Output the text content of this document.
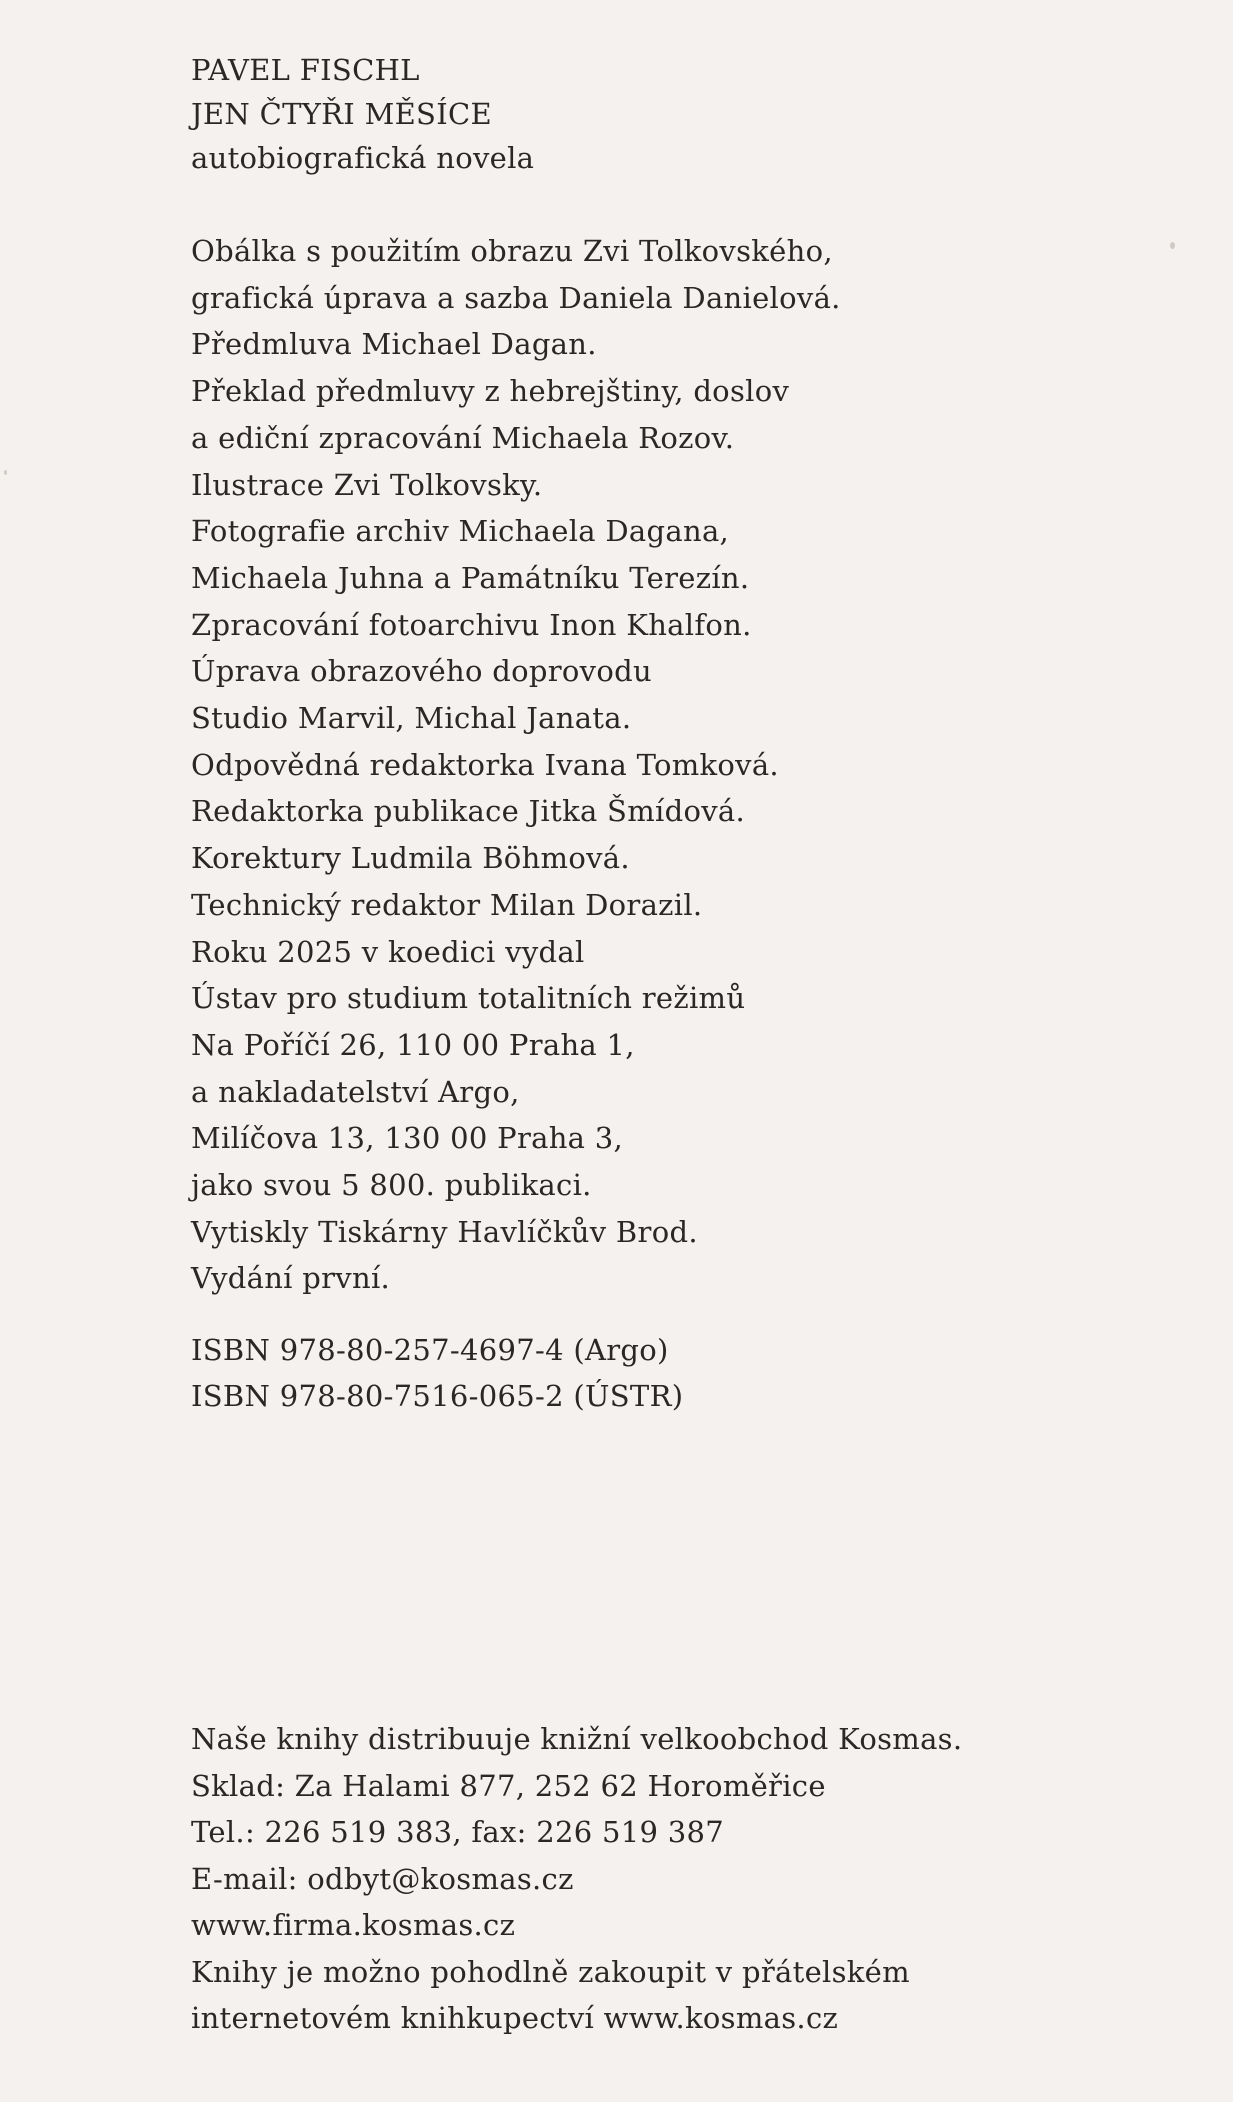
PAVEL FISCHL
JEN ČTYŘI MĚSÍCE
autobiografická novela
Obálka s použitím obrazu Zvi Tolkovského,
grafická úprava a sazba Daniela Danielová.
Předmluva Michael Dagan.
Překlad předmluvy z hebrejštiny, doslov
a ediční zpracování Michaela Rozov.
Ilustrace Zvi Tolkovsky.
Fotografie archiv Michaela Dagana,
Michaela Juhna a Památníku Terezín.
Zpracování fotoarchivu Inon Khalfon.
Úprava obrazového doprovodu
Studio Marvil, Michal Janata.
Odpovědná redaktorka Ivana Tomková.
Redaktorka publikace Jitka Šmídová.
Korektury Ludmila Böhmová.
Technický redaktor Milan Dorazil.
Roku 2025 v koedici vydal
Ústav pro studium totalitních režimů
Na Poříčí 26, 110 00 Praha 1,
a nakladatelství Argo,
Milíčova 13, 130 00 Praha 3,
jako svou 5 800. publikaci.
Vytiskly Tiskárny Havlíčkův Brod.
Vydání první.
ISBN 978-80-257-4697-4 (Argo)
ISBN 978-80-7516-065-2 (ÚSTR)
Naše knihy distribuuje knižní velkoobchod Kosmas.
Sklad: Za Halami 877, 252 62 Horoměřice
Tel.: 226 519 383, fax: 226 519 387
E-mail: odbyt@kosmas.cz
www.firma.kosmas.cz
Knihy je možno pohodlně zakoupit v přátelském
internetovém knihkupectví www.kosmas.cz
